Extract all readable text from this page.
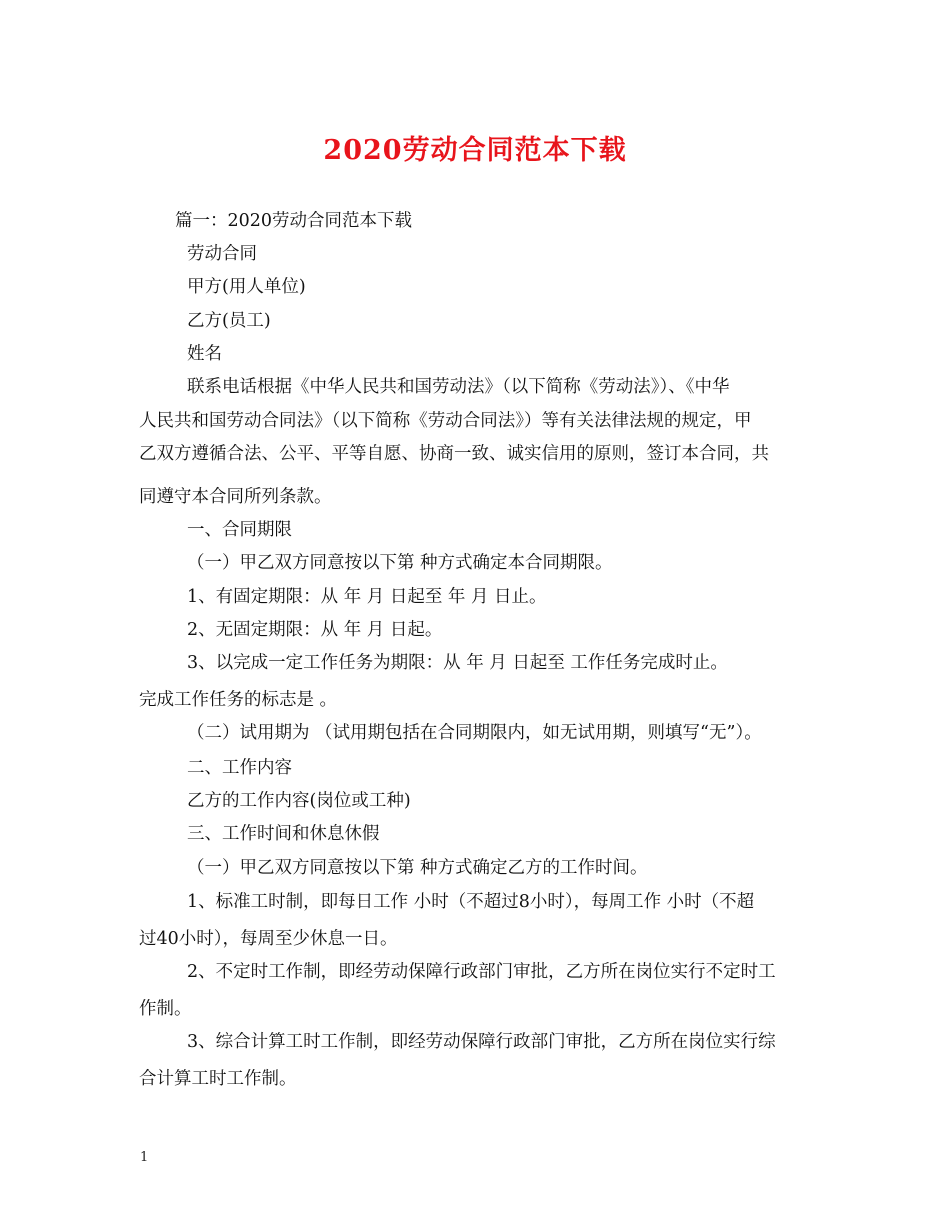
2020劳动合同范本下载
篇一：2020劳动合同范本下载
劳动合同
甲方(用人单位)
乙方(员工)
姓名
联系电话根据《中华人民共和国劳动法》（以下简称《劳动法》）、《中华
人民共和国劳动合同法》（以下简称《劳动合同法》）等有关法律法规的规定，甲
乙双方遵循合法、公平、平等自愿、协商一致、诚实信用的原则，签订本合同，共
同遵守本合同所列条款。
一、合同期限
（一）甲乙双方同意按以下第 种方式确定本合同期限。
1、有固定期限：从 年 月 日起至 年 月 日止。
2、无固定期限：从 年 月 日起。
3、以完成一定工作任务为期限：从 年 月 日起至 工作任务完成时止。
完成工作任务的标志是 。
（二）试用期为 （试用期包括在合同期限内，如无试用期，则填写“无”）。
二、工作内容
乙方的工作内容(岗位或工种)
三、工作时间和休息休假
（一）甲乙双方同意按以下第 种方式确定乙方的工作时间。
1、标准工时制，即每日工作 小时（不超过8小时），每周工作 小时（不超
过40小时），每周至少休息一日。
2、不定时工作制，即经劳动保障行政部门审批，乙方所在岗位实行不定时工
作制。
3、综合计算工时工作制，即经劳动保障行政部门审批，乙方所在岗位实行综
合计算工时工作制。
1
